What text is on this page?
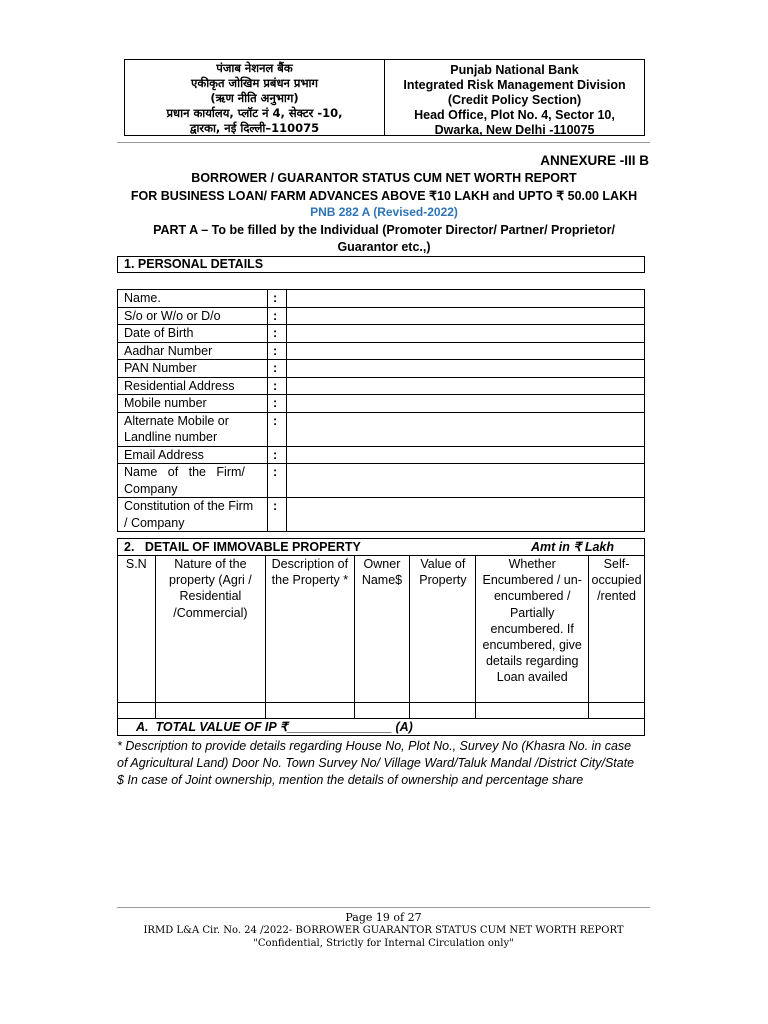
पंजाब नेशनल बैंक
एकीकृत जोखिम प्रबंधन प्रभाग
(ऋण नीति अनुभाग)
प्रधान कार्यालय, प्लॉट नं 4, सेक्टर -10,
द्वारका, नई दिल्ली–110075
Punjab National Bank
Integrated Risk Management Division
(Credit Policy Section)
Head Office, Plot No. 4, Sector 10,
Dwarka, New Delhi -110075
ANNEXURE -III B
BORROWER / GUARANTOR STATUS CUM NET WORTH REPORT
FOR BUSINESS LOAN/ FARM ADVANCES ABOVE ₹10 LAKH and UPTO ₹ 50.00 LAKH
PNB 282 A (Revised-2022)
PART A – To be filled by the Individual (Promoter Director/ Partner/ Proprietor/
Guarantor etc.,)
1. PERSONAL DETAILS
Name.	:	
S/o or W/o or D/o	:	
Date of Birth	:	
Aadhar Number	:	
PAN Number	:	
Residential Address	:	
Mobile number	:	

Alternate Mobile or
Landline number	:	
Email Address	:	

Name   of   the   Firm/
Company	:	

Constitution of the Firm
/ Company	:	
2.   DETAIL OF IMMOVABLE PROPERTY	Amt in ₹ Lakh
S.N	Nature of the property (Agri / Residential /Commercial)	Description of the Property *	Owner Name$	Value of Property	Whether Encumbered / un-encumbered / Partially encumbered. If encumbered, give details regarding Loan availed	Self-occupied /rented

A.  TOTAL VALUE OF IP ₹_______________ (A)						
* Description to provide details regarding House No, Plot No., Survey No (Khasra No. in case
of Agricultural Land) Door No. Town Survey No/ Village Ward/Taluk Mandal /District City/State
$ In case of Joint ownership, mention the details of ownership and percentage share
Page 19 of 27
IRMD L&A Cir. No. 24 /2022- BORROWER GUARANTOR STATUS CUM NET WORTH REPORT
"Confidential, Strictly for Internal Circulation only"
